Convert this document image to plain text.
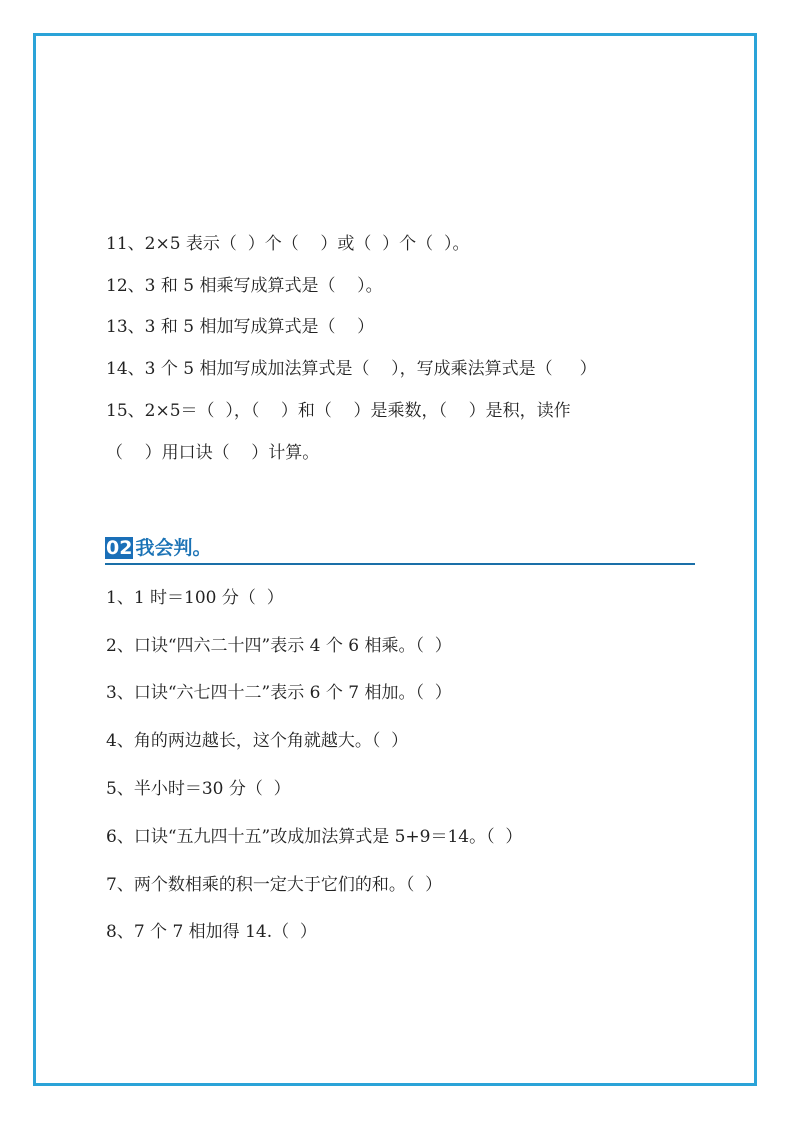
11、2×5 表示（  ）个（    ）或（  ）个（  ）。
12、3 和 5 相乘写成算式是（    ）。
13、3 和 5 相加写成算式是（    ）
14、3 个 5 相加写成加法算式是（    ），写成乘法算式是（     ）
15、2×5＝（  ），（    ）和（    ）是乘数，（    ）是积，读作
（    ）用口诀（    ）计算。
02 我会判。
1、1 时＝100 分（  ）
2、口诀“四六二十四”表示 4 个 6 相乘。（  ）
3、口诀“六七四十二”表示 6 个 7 相加。（  ）
4、角的两边越长，这个角就越大。（  ）
5、半小时＝30 分（  ）
6、口诀“五九四十五”改成加法算式是 5+9＝14。（  ）
7、两个数相乘的积一定大于它们的和。（  ）
8、7 个 7 相加得 14.（  ）
